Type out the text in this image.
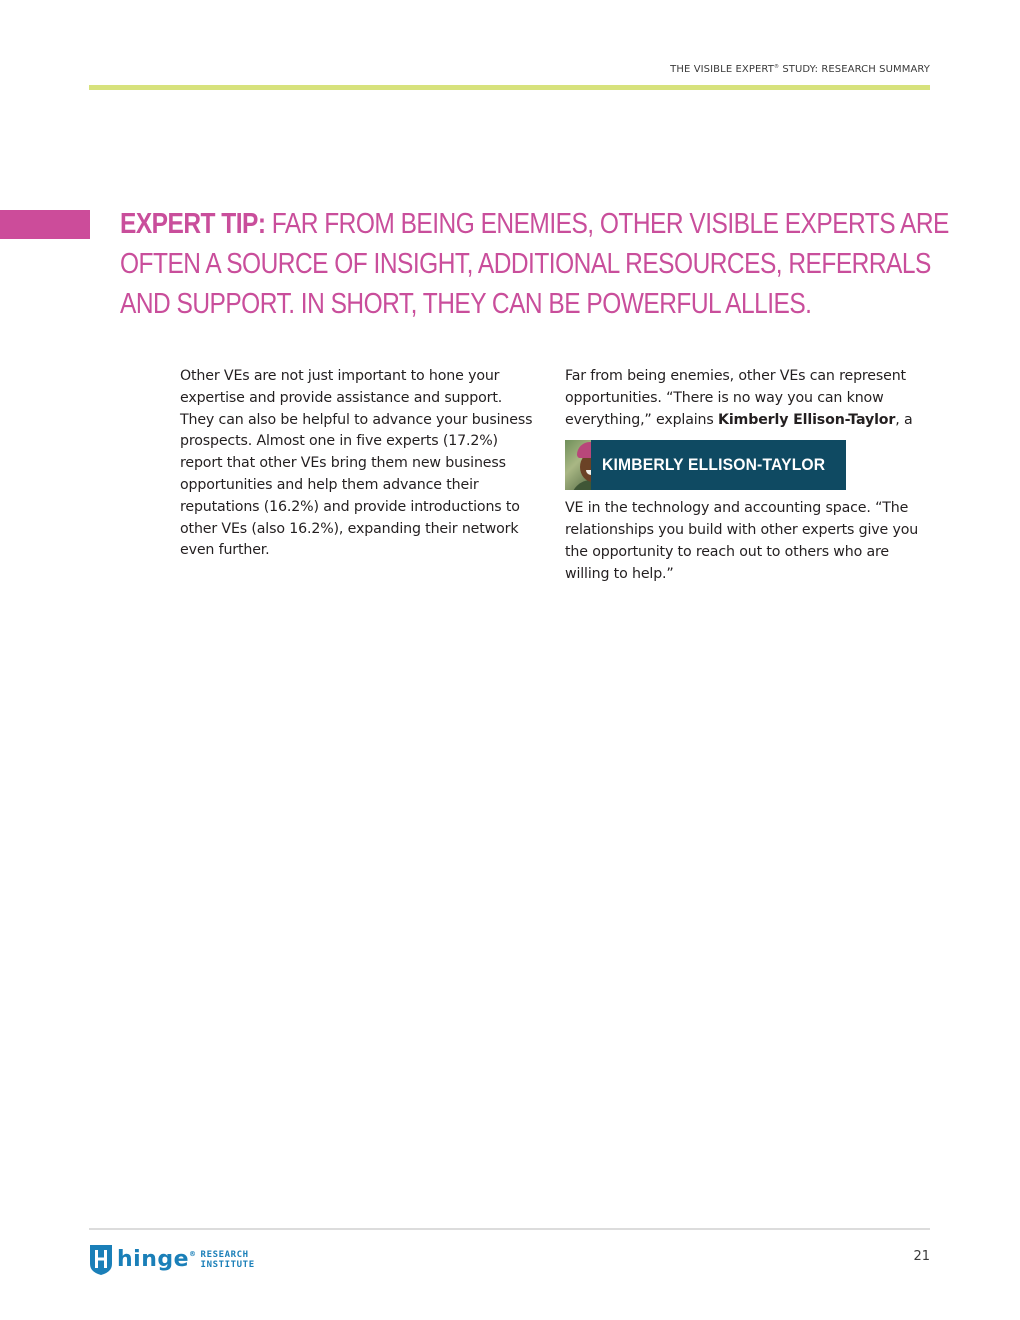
THE VISIBLE EXPERT® STUDY: RESEARCH SUMMARY
EXPERT TIP: FAR FROM BEING ENEMIES, OTHER VISIBLE EXPERTS ARE
OFTEN A SOURCE OF INSIGHT, ADDITIONAL RESOURCES, REFERRALS
AND SUPPORT. IN SHORT, THEY CAN BE POWERFUL ALLIES.

Other VEs are not just important to hone your
expertise and provide assistance and support.
They can also be helpful to advance your business
prospects. Almost one in five experts (17.2%)
report that other VEs bring them new business
opportunities and help them advance their
reputations (16.2%) and provide introductions to
other VEs (also 16.2%), expanding their network
even further.

Far from being enemies, other VEs can represent
opportunities. “There is no way you can know
everything,” explains Kimberly Ellison-Taylor, a

KIMBERLY ELLISON-TAYLOR

VE in the technology and accounting space. “The
relationships you build with other experts give you
the opportunity to reach out to others who are
willing to help.”

hinge® RESEARCH
INSTITUTE
21
